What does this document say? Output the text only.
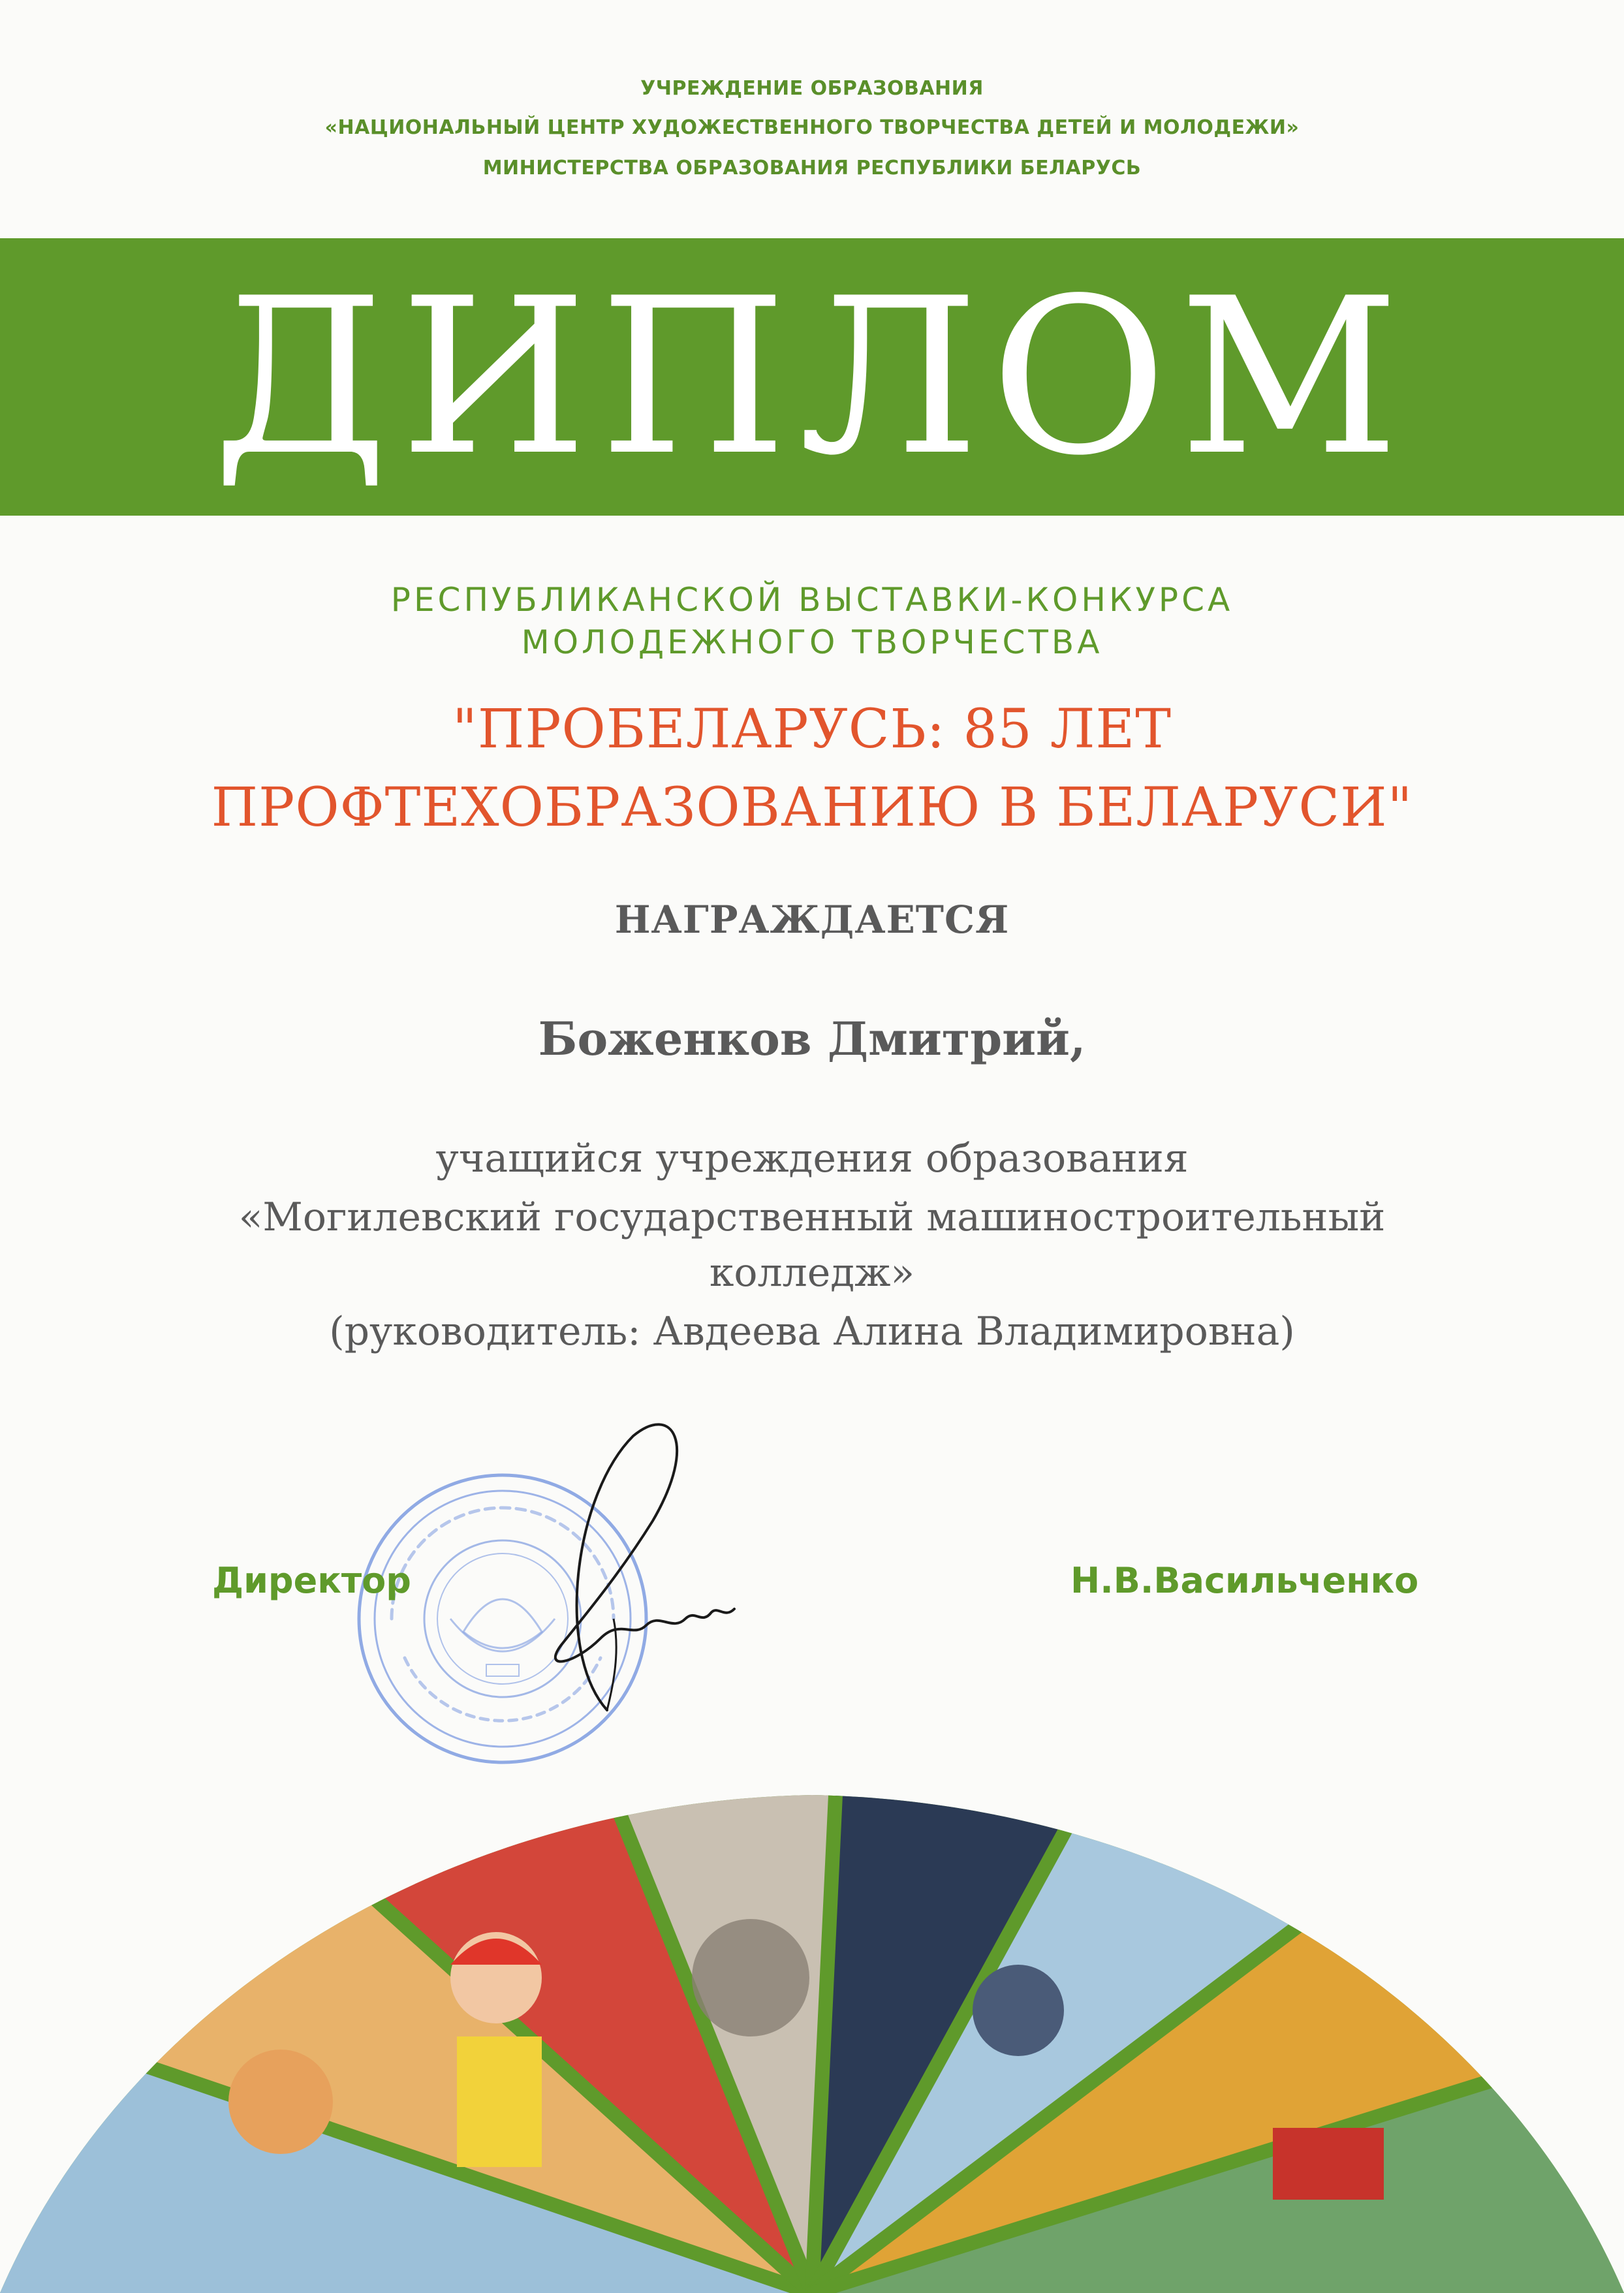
УЧРЕЖДЕНИЕ ОБРАЗОВАНИЯ
«НАЦИОНАЛЬНЫЙ ЦЕНТР ХУДОЖЕСТВЕННОГО ТВОРЧЕСТВА ДЕТЕЙ И МОЛОДЕЖИ»
МИНИСТЕРСТВА ОБРАЗОВАНИЯ РЕСПУБЛИКИ БЕЛАРУСЬ
ДИПЛОМ
РЕСПУБЛИКАНСКОЙ ВЫСТАВКИ-КОНКУРСА
МОЛОДЕЖНОГО ТВОРЧЕСТВА
"ПРОБЕЛАРУСЬ: 85 ЛЕТ
ПРОФТЕХОБРАЗОВАНИЮ В БЕЛАРУСИ"
НАГРАЖДАЕТСЯ
Боженков Дмитрий,
учащийся учреждения образования
«Могилевский государственный машиностроительный
колледж»
(руководитель: Авдеева Алина Владимировна)
Директор	Н.В.Васильченко
